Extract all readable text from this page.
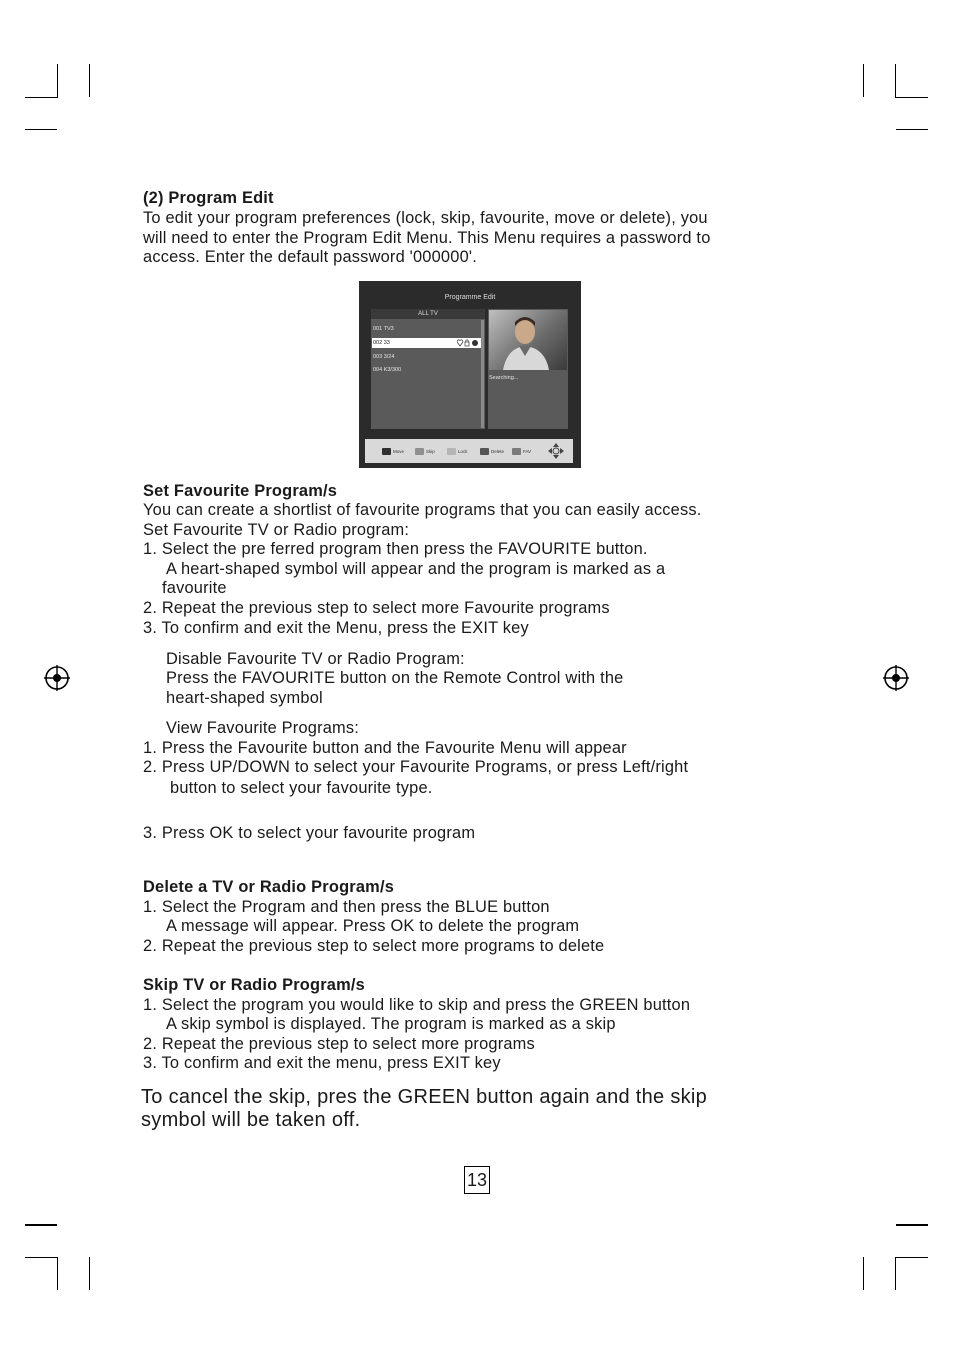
(2) Program Edit
To edit your program preferences (lock, skip, favourite, move or delete), you
will need to enter the Program Edit Menu. This Menu requires a password to
access. Enter the default password '000000'.
Programme Edit
ALL TV
001 TV3
002 33
003 3/24
004 K3/300
Searching...
Move	Skip	Lock	Delete	FAV
Set Favourite Program/s
You can create a shortlist of favourite programs that you can easily access.
Set Favourite TV or Radio program:
1. Select the pre ferred program then press the FAVOURITE button.
A heart-shaped symbol will appear and the program is marked as a
favourite
2. Repeat the previous step to select more Favourite programs
3. To confirm and exit the Menu, press the EXIT key
Disable Favourite TV or Radio Program:
Press the FAVOURITE button on the Remote Control with the
heart-shaped symbol
View Favourite Programs:
1. Press the Favourite button and the Favourite Menu will appear
2. Press UP/DOWN to select your Favourite Programs, or press Left/right
button to select your favourite type.
3. Press OK to select your favourite program
Delete a TV or Radio Program/s
1. Select the Program and then press the BLUE button
A message will appear. Press OK to delete the program
2. Repeat the previous step to select more programs to delete
Skip TV or Radio Program/s
1. Select the program you would like to skip and press the GREEN button
A skip symbol is displayed. The program is marked as a skip
2. Repeat the previous step to select more programs
3. To confirm and exit the menu, press EXIT key
To cancel the skip, pres the GREEN button again and the skip
symbol will be taken off.
13
